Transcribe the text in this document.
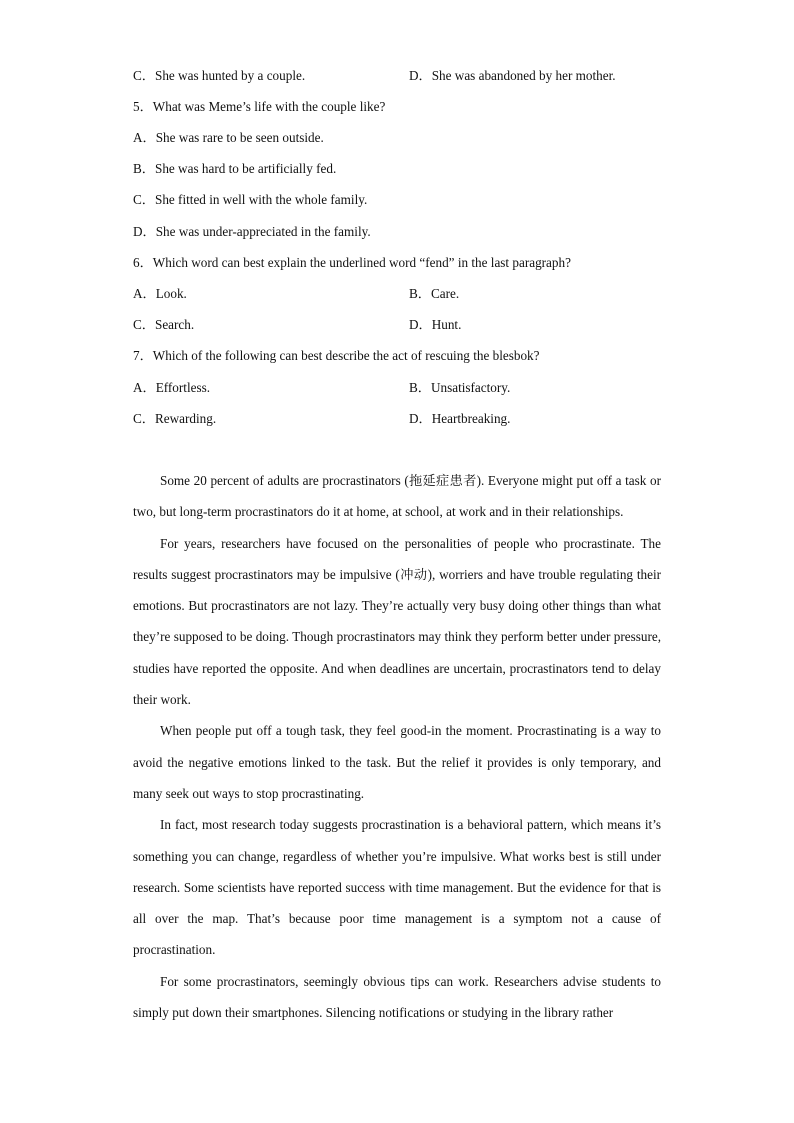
C．She was hunted by a couple.	D．She was abandoned by her mother.
5．What was Meme’s life with the couple like?
A．She was rare to be seen outside.
B．She was hard to be artificially fed.
C．She fitted in well with the whole family.
D．She was under-appreciated in the family.
6．Which word can best explain the underlined word “fend” in the last paragraph?
A．Look.	B．Care.
C．Search.	D．Hunt.
7．Which of the following can best describe the act of rescuing the blesbok?
A．Effortless.	B．Unsatisfactory.
C．Rewarding.	D．Heartbreaking.

Some 20 percent of adults are procrastinators (拖延症患者). Everyone might put off a task or two, but long-term procrastinators do it at home, at school, at work and in their relationships.

For years, researchers have focused on the personalities of people who procrastinate. The results suggest procrastinators may be impulsive (冲动), worriers and have trouble regulating their emotions. But procrastinators are not lazy. They’re actually very busy doing other things than what they’re supposed to be doing. Though procrastinators may think they perform better under pressure, studies have reported the opposite. And when deadlines are uncertain, procrastinators tend to delay their work.

When people put off a tough task, they feel good-in the moment. Procrastinating is a way to avoid the negative emotions linked to the task. But the relief it provides is only temporary, and many seek out ways to stop procrastinating.

In fact, most research today suggests procrastination is a behavioral pattern, which means it’s something you can change, regardless of whether you’re impulsive. What works best is still under research. Some scientists have reported success with time management. But the evidence for that is all over the map. That’s because poor time management is a symptom not a cause of procrastination.

For some procrastinators, seemingly obvious tips can work. Researchers advise students to simply put down their smartphones. Silencing notifications or studying in the library rather
